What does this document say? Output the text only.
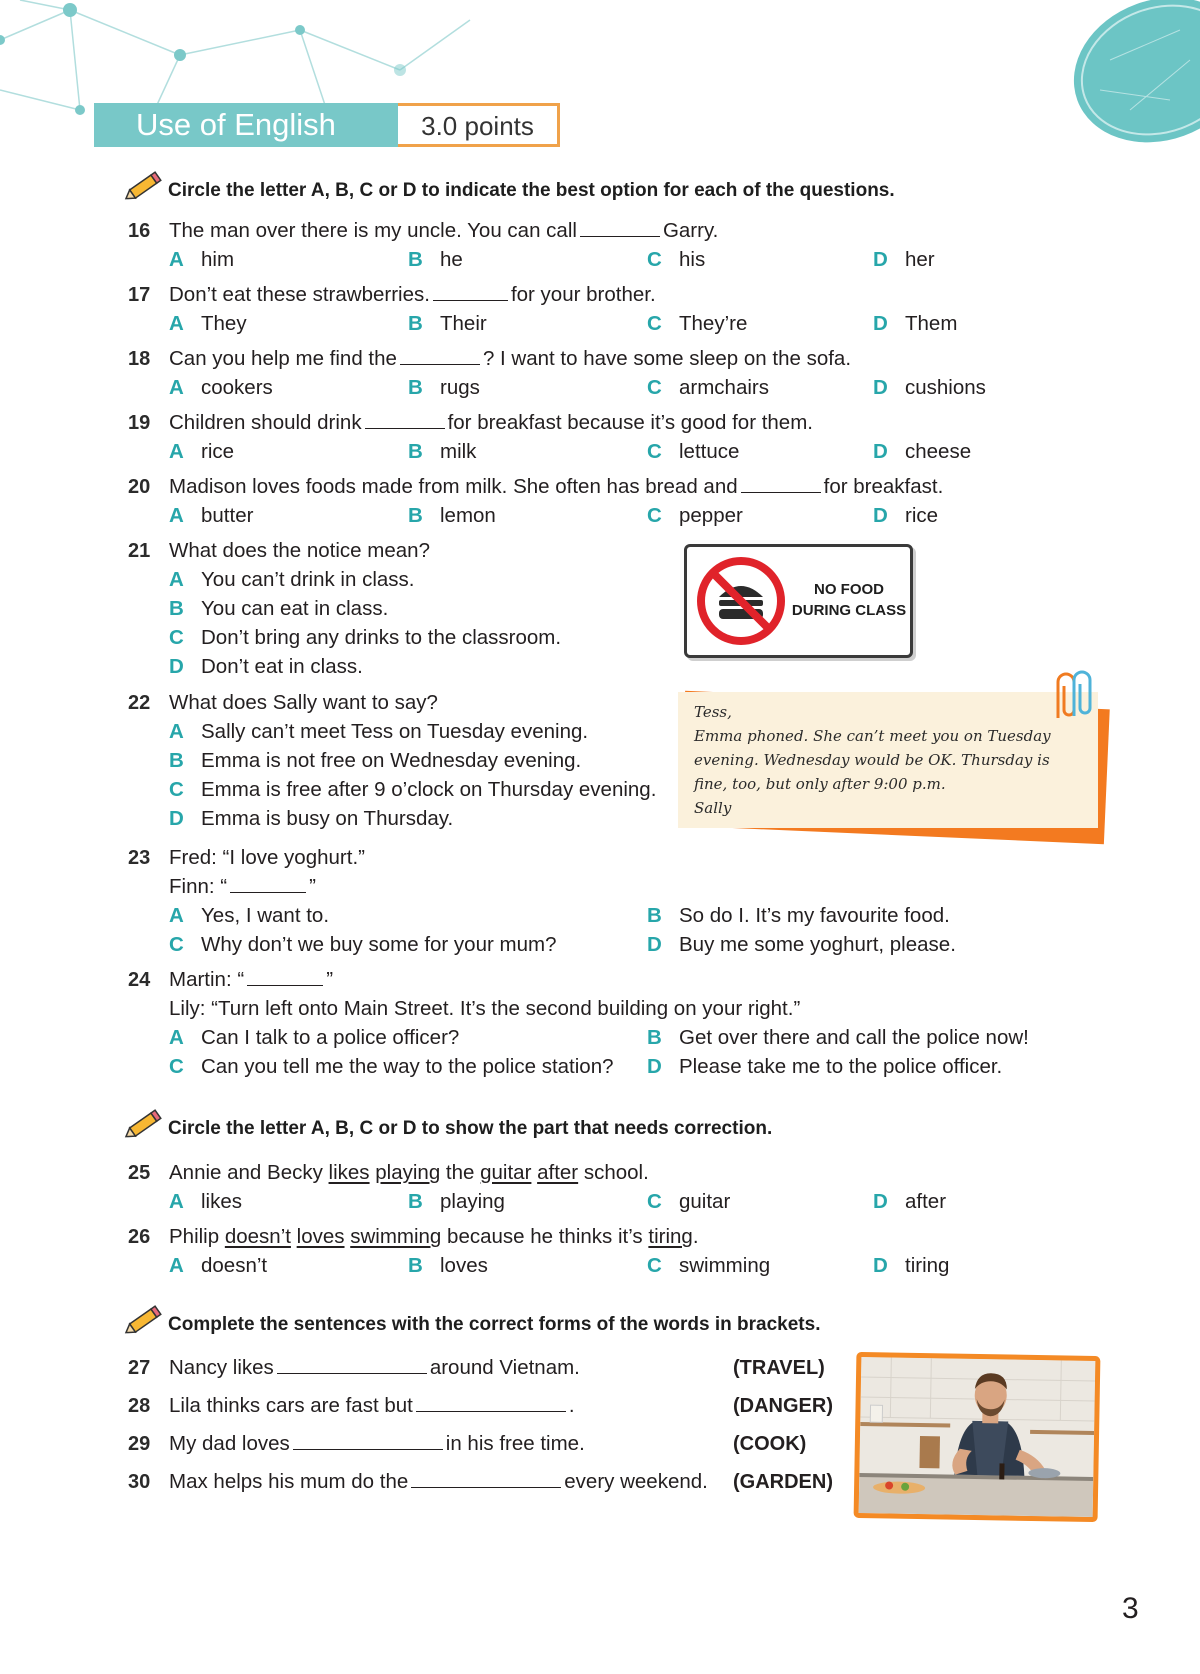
Use of English	3.0 points
Circle the letter A, B, C or D to indicate the best option for each of the questions.
16 The man over there is my uncle. You can call	Garry.
A him	B he	C his	D her
17 Don’t eat these strawberries.	for your brother.
A They	B Their	C They’re	D Them
18 Can you help me find the	? I want to have some sleep on the sofa.
A cookers	B rugs	C armchairs	D cushions
19 Children should drink	for breakfast because it’s good for them.
A rice	B milk	C lettuce	D cheese
20 Madison loves foods made from milk. She often has bread and	for breakfast.
A butter	B lemon	C pepper	D rice
21 What does the notice mean?
A You can’t drink in class.
B You can eat in class.
C Don’t bring any drinks to the classroom.
D Don’t eat in class.
NO FOOD
DURING CLASS
22 What does Sally want to say?
A Sally can’t meet Tess on Tuesday evening.
B Emma is not free on Wednesday evening.
C Emma is free after 9 o’clock on Thursday evening.
D Emma is busy on Thursday.
Tess,
Emma phoned. She can’t meet you on Tuesday
evening. Wednesday would be OK. Thursday is
fine, too, but only after 9:00 p.m.
Sally
23 Fred: “I love yoghurt.”
Finn: “	”
A Yes, I want to.	B So do I. It’s my favourite food.
C Why don’t we buy some for your mum?	D Buy me some yoghurt, please.
24 Martin: “	”
Lily: “Turn left onto Main Street. It’s the second building on your right.”
A Can I talk to a police officer?	B Get over there and call the police now!
C Can you tell me the way to the police station? D Please take me to the police officer.
Circle the letter A, B, C or D to show the part that needs correction.
25 Annie and Becky likes playing the guitar after school.
A likes	B playing	C guitar	D after
26 Philip doesn’t loves swimming because he thinks it’s tiring.
A doesn’t	B loves	C swimming	D tiring
Complete the sentences with the correct forms of the words in brackets.
27 Nancy likes	around Vietnam.	(TRAVEL)
28 Lila thinks cars are fast but	.	(DANGER)
29 My dad loves	in his free time.	(COOK)
30 Max helps his mum do the	every weekend. (GARDEN)
3
